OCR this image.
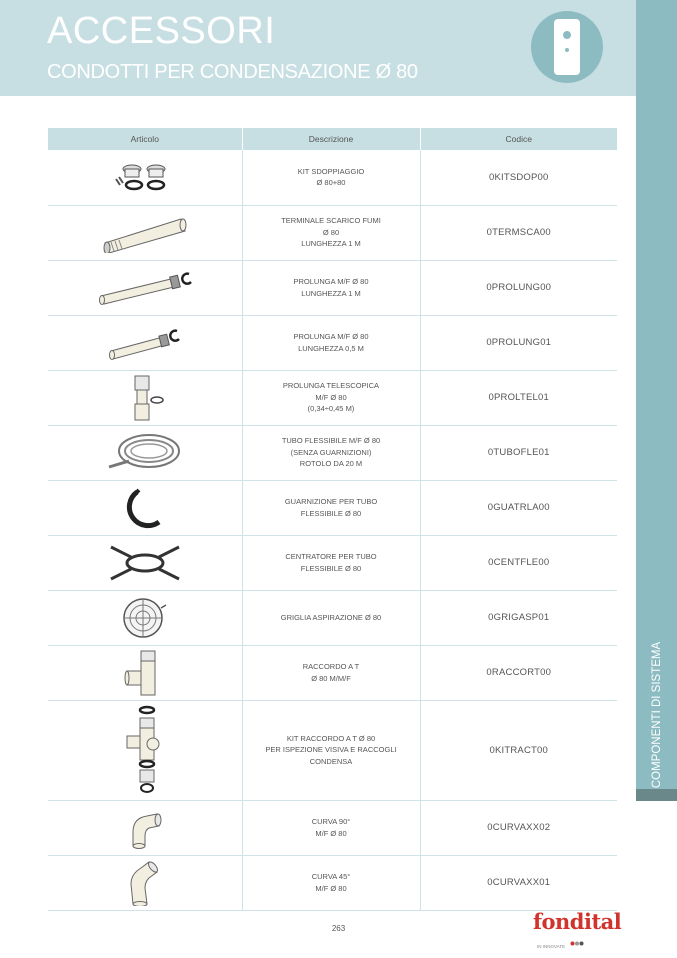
ACCESSORI
CONDOTTI PER CONDENSAZIONE Ø 80
COMPONENTI DI SISTEMA
Articolo	Descrizione	Codice

KIT SDOPPIAGGIO
Ø 80+80	0KITSDOP00

TERMINALE SCARICO FUMI
Ø 80
LUNGHEZZA 1 M	0TERMSCA00

PROLUNGA M/F Ø 80
LUNGHEZZA 1 M	0PROLUNG00

PROLUNGA M/F Ø 80
LUNGHEZZA 0,5 M	0PROLUNG01

PROLUNGA TELESCOPICA
M/F Ø 80
(0,34÷0,45 M)	0PROLTEL01

TUBO FLESSIBILE M/F Ø 80
(SENZA GUARNIZIONI)
ROTOLO DA 20 M	0TUBOFLE01

GUARNIZIONE PER TUBO
FLESSIBILE Ø 80	0GUATRLA00

CENTRATORE PER TUBO
FLESSIBILE Ø 80	0CENTFLE00

GRIGLIA ASPIRAZIONE Ø 80	0GRIGASP01

RACCORDO A T
Ø 80 M/M/F	0RACCORT00

KIT RACCORDO A T Ø 80
PER ISPEZIONE VISIVA E RACCOGLI
CONDENSA	0KITRACT00

CURVA 90°
M/F Ø 80	0CURVAXX02

CURVA 45°
M/F Ø 80	0CURVAXX01
263	fondital
IN INNOVATE
